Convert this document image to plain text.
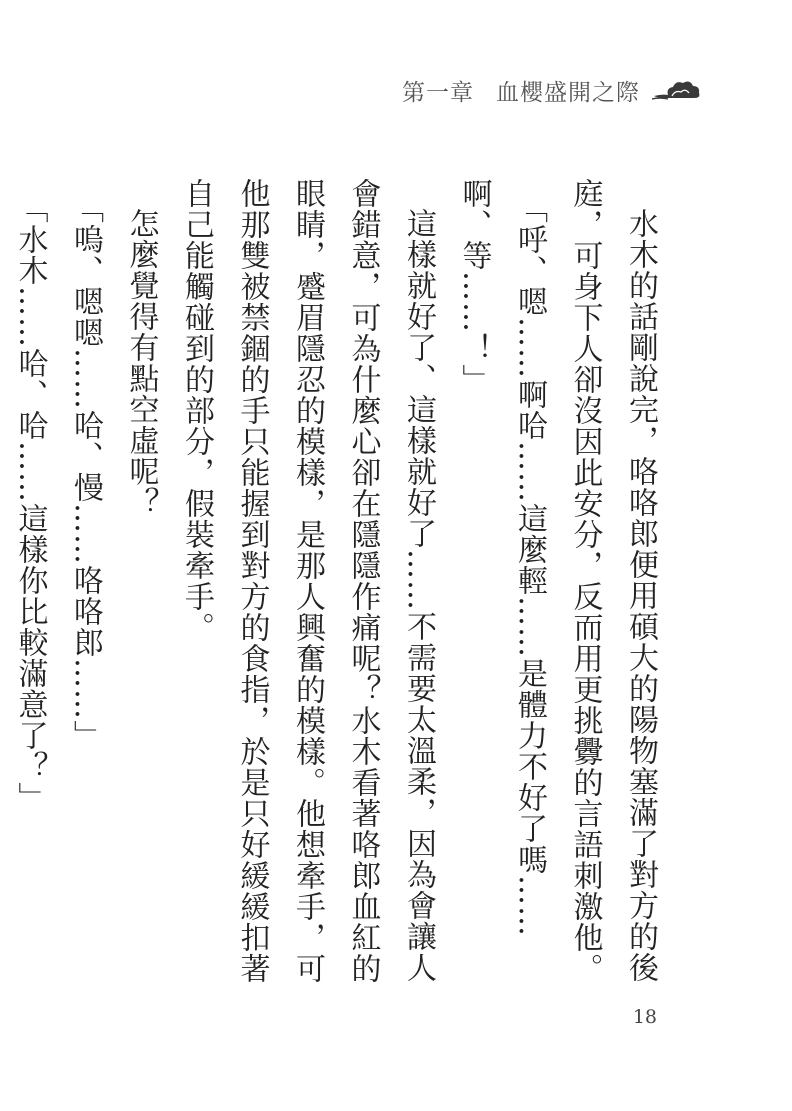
第一章 血櫻盛開之際

水木的話剛說完，咯咯郎便用碩大的陽物塞滿了對方的後庭，可身下人卻沒因此安分，反而用更挑釁的言語刺激他。

「呼、嗯……啊哈……這麼輕……是體力不好了嗎……啊、等……！」

這樣就好了、這樣就好了……不需要太溫柔，因為會讓人會錯意，可為什麼心卻在隱隱作痛呢？水木看著咯郎血紅的眼睛，蹙眉隱忍的模樣，是那人興奮的模樣。他想牽手，可他那雙被禁錮的手只能握到對方的食指，於是只好緩緩扣著自己能觸碰到的部分，假裝牽手。

怎麼覺得有點空虛呢？

「嗚、嗯嗯……哈、慢……咯咯郎……」

「水木……哈、哈……這樣你比較滿意了？」

18
